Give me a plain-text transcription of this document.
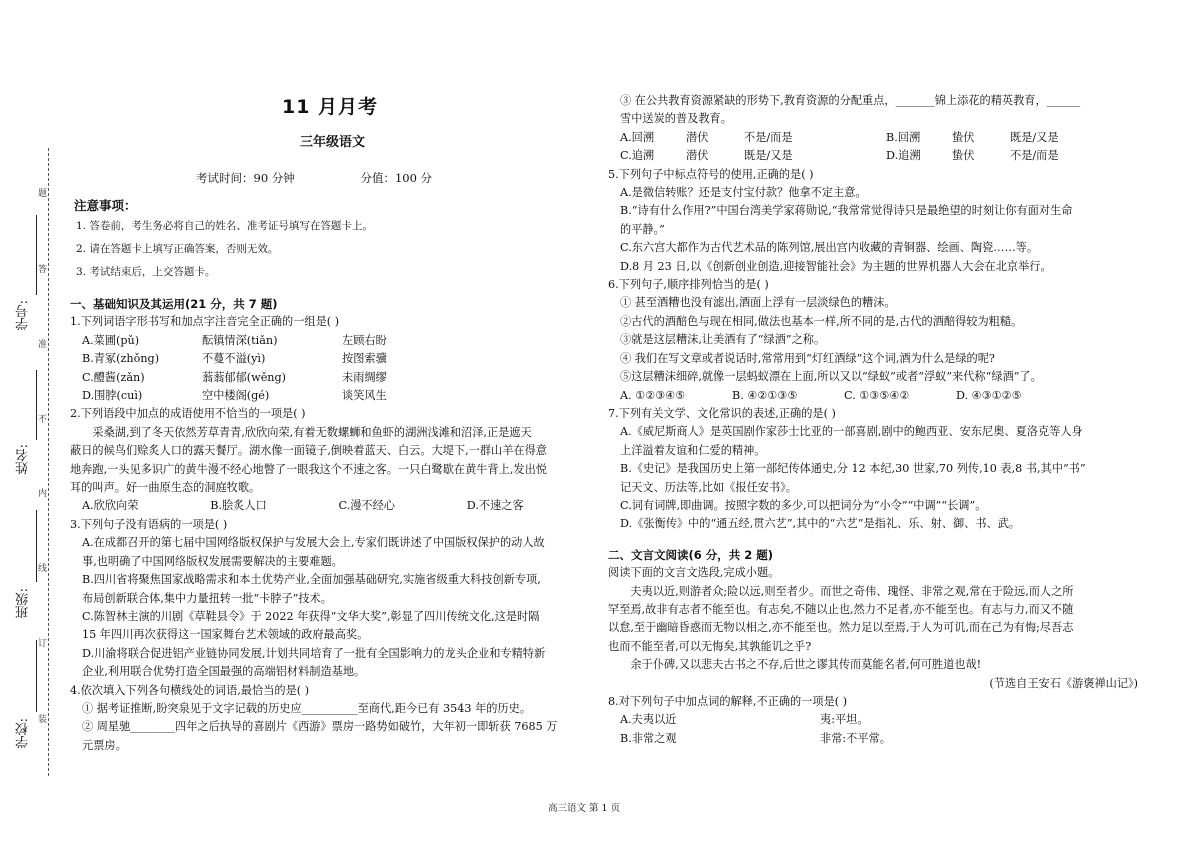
题
答
准
不
内
线
订
装
学号:
姓名:
班级:
学校:
11 月月考
三年级语文
考试时间：90 分钟	分值：100 分
注意事项：
1. 答卷前，考生务必将自己的姓名、准考证号填写在答题卡上。
2. 请在答题卡上填写正确答案，否则无效。
3. 考试结束后，上交答题卡。
一、基础知识及其运用(21 分，共 7 题)
1.下列词语字形书写和加点字注音完全正确的一组是( )
A.菜圃(pǔ)	酝镇情深(tiǎn)	左顾右盼
B.青冢(zhǒng)	不蔓不溢(yì)	按图索骥
C.醴酱(zǎn)	蓊蓊郁郁(wěng)	未雨绸缪
D.围脖(cuì)	空中楼阁(gé)	谈笑风生
2.下列语段中加点的成语使用不恰当的一项是( )
　　采桑湖,到了冬天依然芳草青青,欣欣向荣,有着无数螺蛳和鱼虾的湖洲浅滩和沼泽,正是遮天
蔽日的候鸟们赊炙人口的露天餐厅。湖水像一面镜子,倒映着蓝天、白云。大堤下,一群山羊在得意
地奔跑,一头见多识广的黄牛漫不经心地瞥了一眼我这个不速之客。一只白鹭歇在黄牛背上,发出悦
耳的叫声。好一曲原生态的洞庭牧歌。
A.欣欣向荣	B.脍炙人口	C.漫不经心	D.不速之客
3.下列句子没有语病的一项是( )
A.在成都召开的第七届中国网络版权保护与发展大会上,专家们既讲述了中国版权保护的动人故
事,也明确了中国网络版权发展需要解决的主要难题。
B.四川省将聚焦国家战略需求和本土优势产业,全面加强基础研究,实施省级重大科技创新专项,
布局创新联合体,集中力量扭转一批“卡脖子”技术。
C.陈智林主演的川剧《草鞋县令》于 2022 年获得“文华大奖”,彰显了四川传统文化,这是时隔
15 年四川再次获得这一国家舞台艺术领域的政府最高奖。
D.川渝将联合促进铝产业链协同发展,计划共同培育了一批有全国影响力的龙头企业和专精特新
企业,利用联合优势打造全国最强的高端铝材料制造基地。
4.依次填入下列各句横线处的词语,最恰当的是( )
① 据考证推断,盼突泉见于文字记载的历史应__________至商代,距今已有 3543 年的历史。
② 周星驰________四年之后执导的喜剧片《西游》票房一路势如破竹，大年初一即斩获 7685 万
元票房。
③ 在公共教育资源紧缺的形势下,教育资源的分配重点，_______锦上添花的精英教育，______
雪中送炭的普及教育。
A.回溯	潜伏	不是/而是	B.回溯	蛰伏	既是/又是
C.追溯	潜伏	既是/又是	D.追溯	蛰伏	不是/而是
5.下列句子中标点符号的使用,正确的是( )
A.是微信转账？还是支付宝付款？他拿不定主意。
B.“诗有什么作用?”中国台湾美学家蒋勋说,“我常常觉得诗只是最绝望的时刻让你有面对生命
的平静。”
C.东六宫大都作为古代艺术品的陈列馆,展出宫内收藏的青铜器、绘画、陶瓷……等。
D.8 月 23 日,以《创新创业创造,迎接智能社会》为主题的世界机器人大会在北京举行。
6.下列句子,顺序排列恰当的是( )
① 甚至酒糟也没有滤出,酒面上浮有一层淡绿色的糟沫。
②古代的酒醅色与现在相同,做法也基本一样,所不同的是,古代的酒醅得较为粗糙。
③就是这层糟沫,让美酒有了“绿酒”之称。
④ 我们在写文章或者说话时,常常用到“灯红酒绿”这个词,酒为什么是绿的呢?
⑤这层糟沫细碎,就像一层蚂蚁漂在上面,所以又以“绿蚁”或者“浮蚁”来代称“绿酒”了。
A. ①②③④⑤	B. ④②①③⑤	C. ①③⑤④②	D. ④③①②⑤
7.下列有关文学、文化常识的表述,正确的是( )
A.《威尼斯商人》是英国剧作家莎士比亚的一部喜剧,剧中的鲍西亚、安东尼奥、夏洛克等人身
上洋溢着友谊和仁爱的精神。
B.《史记》是我国历史上第一部纪传体通史,分 12 本纪,30 世家,70 列传,10 表,8 书,其中“书”
记天文、历法等,比如《报任安书》。
C.词有词牌,即曲调。按照字数的多少,可以把词分为“小令”“中调”“长调”。
D.《张衡传》中的“通五经,贯六艺”,其中的“六艺”是指礼、乐、射、御、书、武。
二、文言文阅读(6 分，共 2 题)
阅读下面的文言文选段,完成小题。
　　夫夷以近,则游者众;险以远,则至者少。而世之奇伟、瑰怪、非常之观,常在于险远,而人之所
罕至焉,故非有志者不能至也。有志矣,不随以止也,然力不足者,亦不能至也。有志与力,而又不随
以怠,至于幽暗昏惑而无物以相之,亦不能至也。然力足以至焉,于人为可讥,而在己为有悔;尽吾志
也而不能至者,可以无悔矣,其孰能讥之乎?
　　余于仆碑,又以悲夫古书之不存,后世之谬其传而莫能名者,何可胜道也哉!
(节选自王安石《游褒禅山记》)
8.对下列句子中加点词的解释,不正确的一项是( )
A.夫夷以近	夷:平坦。
B.非常之观	非常:不平常。
高三语文 第 1 页
